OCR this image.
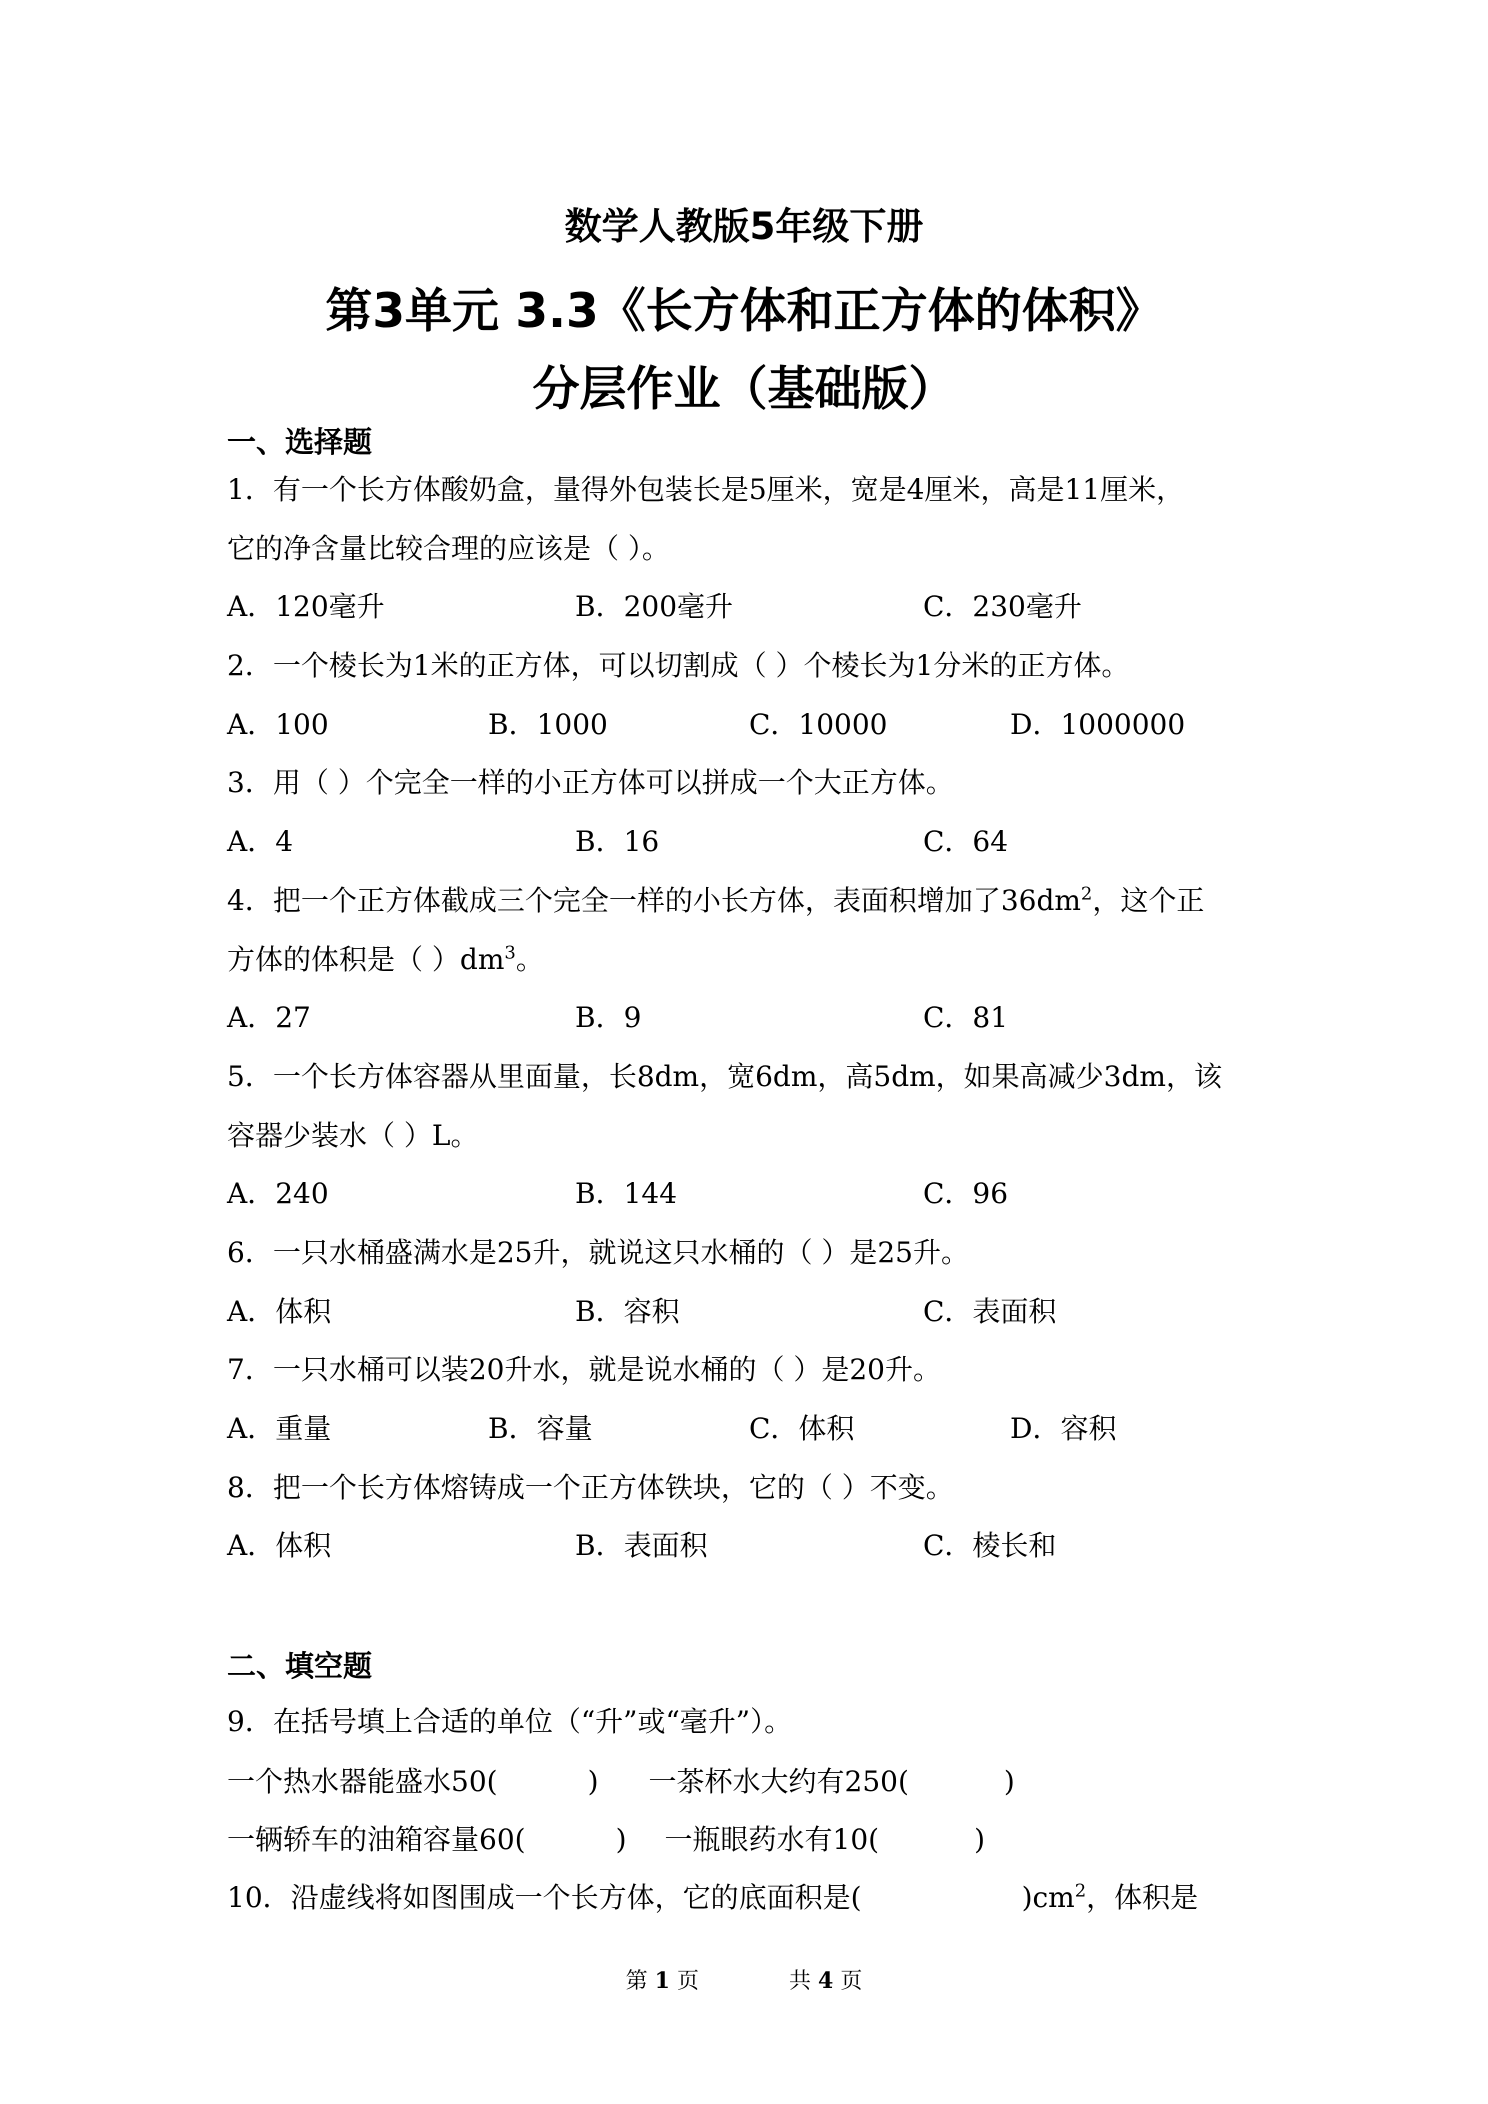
数学人教版5年级下册
第3单元 3.3《长方体和正方体的体积》
分层作业（基础版）
一、选择题
1．有一个长方体酸奶盒，量得外包装长是5厘米，宽是4厘米，高是11厘米，
它的净含量比较合理的应该是（ ）。
A．120毫升	B．200毫升	C．230毫升
2．一个棱长为1米的正方体，可以切割成（ ）个棱长为1分米的正方体。
A．100	B．1000	C．10000	D．1000000
3．用（ ）个完全一样的小正方体可以拼成一个大正方体。
A．4	B．16	C．64
4．把一个正方体截成三个完全一样的小长方体，表面积增加了$36dm^2$，这个正
方体的体积是（ ）$dm^3$。
A．27	B．9	C．81
5．一个长方体容器从里面量，长8dm，宽6dm，高5dm，如果高减少3dm，该
容器少装水（ ）L。
A．240	B．144	C．96
6．一只水桶盛满水是25升，就说这只水桶的（ ）是25升。
A．体积	B．容积	C．表面积
7．一只水桶可以装20升水，就是说水桶的（ ）是20升。
A．重量	B．容量	C．体积	D．容积
8．把一个长方体熔铸成一个正方体铁块，它的（ ）不变。
A．体积	B．表面积	C．棱长和
二、填空题
9．在括号填上合适的单位（“升”或“毫升”）。
一个热水器能盛水50(	) 一茶杯水大约有250(	)
一辆轿车的油箱容量60(	) 一瓶眼药水有10(	)
10．沿虚线将如图围成一个长方体，它的底面积是(	)$cm^2$，体积是
第 1 页	共 4 页
